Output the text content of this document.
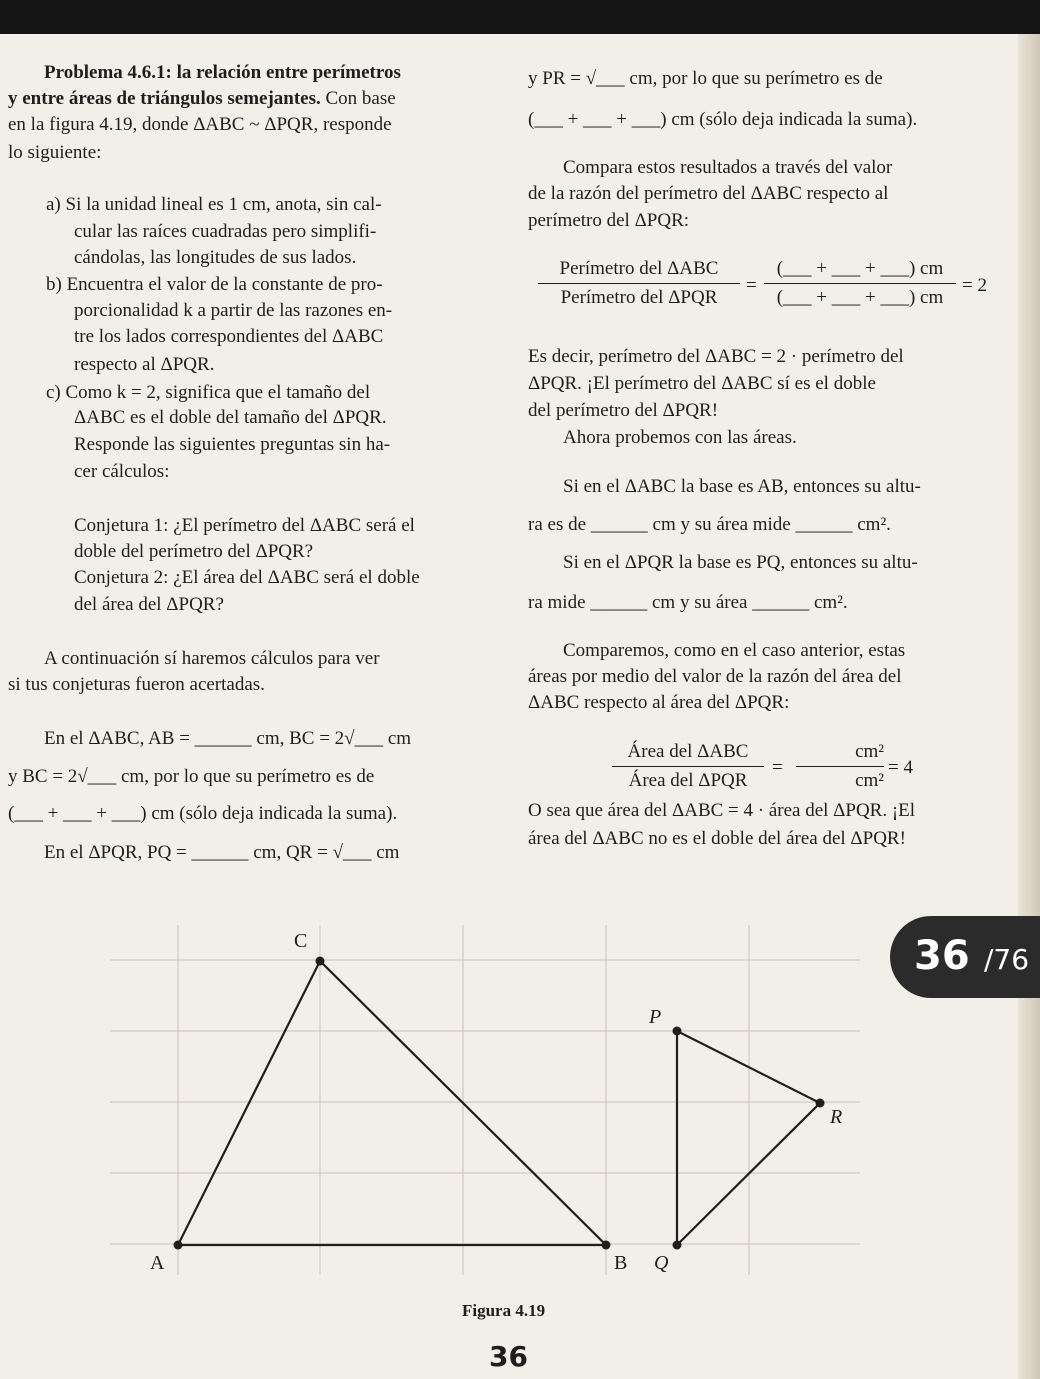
Problema 4.6.1: la relación entre perímetros
y entre áreas de triángulos semejantes. Con base
en la figura 4.19, donde ΔABC ~ ΔPQR, responde
lo siguiente:
a) Si la unidad lineal es 1 cm, anota, sin cal-
cular las raíces cuadradas pero simplifi-
cándolas, las longitudes de sus lados.
b) Encuentra el valor de la constante de pro-
porcionalidad k a partir de las razones en-
tre los lados correspondientes del ΔABC
respecto al ΔPQR.
c) Como k = 2, significa que el tamaño del
ΔABC es el doble del tamaño del ΔPQR.
Responde las siguientes preguntas sin ha-
cer cálculos:
Conjetura 1: ¿El perímetro del ΔABC será el
doble del perímetro del ΔPQR?
Conjetura 2: ¿El área del ΔABC será el doble
del área del ΔPQR?
A continuación sí haremos cálculos para ver
si tus conjeturas fueron acertadas.
En el ΔABC, AB = ______ cm, BC = 2√___ cm
y BC = 2√___ cm, por lo que su perímetro es de
(___ + ___ + ___) cm (sólo deja indicada la suma).
En el ΔPQR, PQ = ______ cm, QR = √___ cm
y PR = √___ cm, por lo que su perímetro es de
(___ + ___ + ___) cm (sólo deja indicada la suma).
Compara estos resultados a través del valor
de la razón del perímetro del ΔABC respecto al
perímetro del ΔPQR:
Perímetro del ΔABC
Perímetro del ΔPQR
=
(___ + ___ + ___) cm
(___ + ___ + ___) cm
= 2
Es decir, perímetro del ΔABC = 2 · perímetro del
ΔPQR. ¡El perímetro del ΔABC sí es el doble
del perímetro del ΔPQR!
Ahora probemos con las áreas.
Si en el ΔABC la base es AB, entonces su altu-
ra es de ______ cm y su área mide ______ cm².
Si en el ΔPQR la base es PQ, entonces su altu-
ra mide ______ cm y su área ______ cm².
Comparemos, como en el caso anterior, estas
áreas por medio del valor de la razón del área del
ΔABC respecto al área del ΔPQR:
Área del ΔABC
Área del ΔPQR
=
cm²
cm²
= 4
O sea que área del ΔABC = 4 · área del ΔPQR. ¡El
área del ΔABC no es el doble del área del ΔPQR!
A	B
C
Q
P
R
36 /76
Figura 4.19
36
